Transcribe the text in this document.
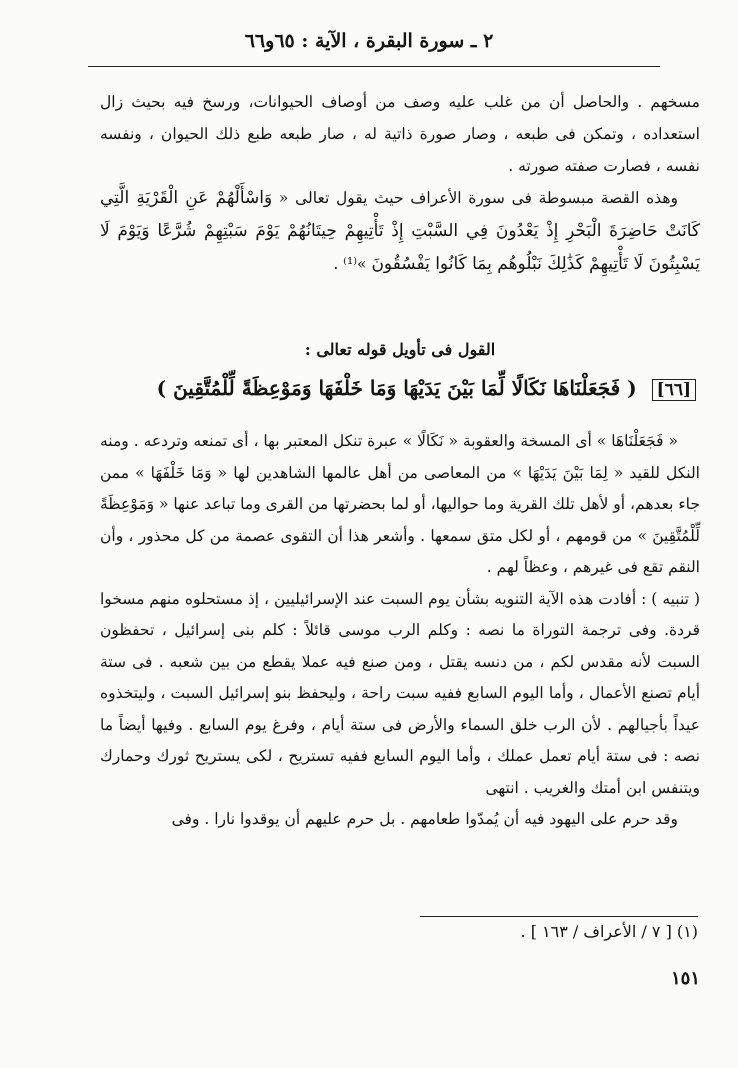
٢ ـ سورة البقرة ، الآية : ٦٥و٦٦

مسخهم . والحاصل أن من غلب عليه وصف من أوصاف الحيوانات، ورسخ فيه بحيث زال استعداده ، وتمكن فى طبعه ، وصار صورة ذاتية له ، صار طبعه طبع ذلك الحيوان ، ونفسه نفسه ، فصارت صفته صورته .

وهذه القصة مبسوطة فى سورة الأعراف حيث يقول تعالى « وَاسْأَلْهُمْ عَنِ الْقَرْيَةِ الَّتِي كَانَتْ حَاضِرَةَ الْبَحْرِ إِذْ يَعْدُونَ فِي السَّبْتِ إِذْ تَأْتِيهِمْ حِيتَانُهُمْ يَوْمَ سَبْتِهِمْ شُرَّعًا وَيَوْمَ لَا يَسْبِتُونَ لَا تَأْتِيهِمْ كَذَٰلِكَ نَبْلُوهُم بِمَا كَانُوا يَفْسُقُونَ »⁽¹⁾ .

القول فى تأويل قوله تعالى :
[٦٦] ( فَجَعَلْنَاهَا نَكَالًا لِّمَا بَيْنَ يَدَيْهَا وَمَا خَلْفَهَا وَمَوْعِظَةً لِّلْمُتَّقِينَ )

« فَجَعَلْنَاهَا » أى المسخة والعقوبة « نَكَالًا » عبرة تنكل المعتبر بها ، أى تمنعه وتردعه . ومنه النكل للقيد « لِمَا بَيْنَ يَدَيْهَا » من المعاصى من أهل عالمها الشاهدين لها « وَمَا خَلْفَهَا » ممن جاء بعدهم، أو لأهل تلك القرية وما حواليها، أو لما بحضرتها من القرى وما تباعد عنها « وَمَوْعِظَةً لِّلْمُتَّقِينَ » من قومهم ، أو لكل متق سمعها . وأشعر هذا أن التقوى عصمة من كل محذور ، وأن النقم تقع فى غيرهم ، وعظاً لهم .

( تنبيه ) : أفادت هذه الآية التنويه بشأن يوم السبت عند الإسرائيليين ، إذ مستحلوه منهم مسخوا قردة. وفى ترجمة التوراة ما نصه : وكلم الرب موسى قائلاً : كلم بنى إسرائيل ، تحفظون السبت لأنه مقدس لكم ، من دنسه يقتل ، ومن صنع فيه عملا يقطع من بين شعبه . فى ستة أيام تصنع الأعمال ، وأما اليوم السابع ففيه سبت راحة ، وليحفظ بنو إسرائيل السبت ، وليتخذوه عيداً بأجيالهم . لأن الرب خلق السماء والأرض فى ستة أيام ، وفرغ يوم السابع . وفيها أيضاً ما نصه : فى ستة أيام تعمل عملك ، وأما اليوم السابع ففيه تستريح ، لكى يستريح ثورك وحمارك ويتنفس ابن أمتك والغريب . انتهى

وقد حرم على اليهود فيه أن يُمدّوا طعامهم . بل حرم عليهم أن يوقدوا نارا . وفى

(١) [ ٧ / الأعراف / ١٦٣ ] .
١٥١
